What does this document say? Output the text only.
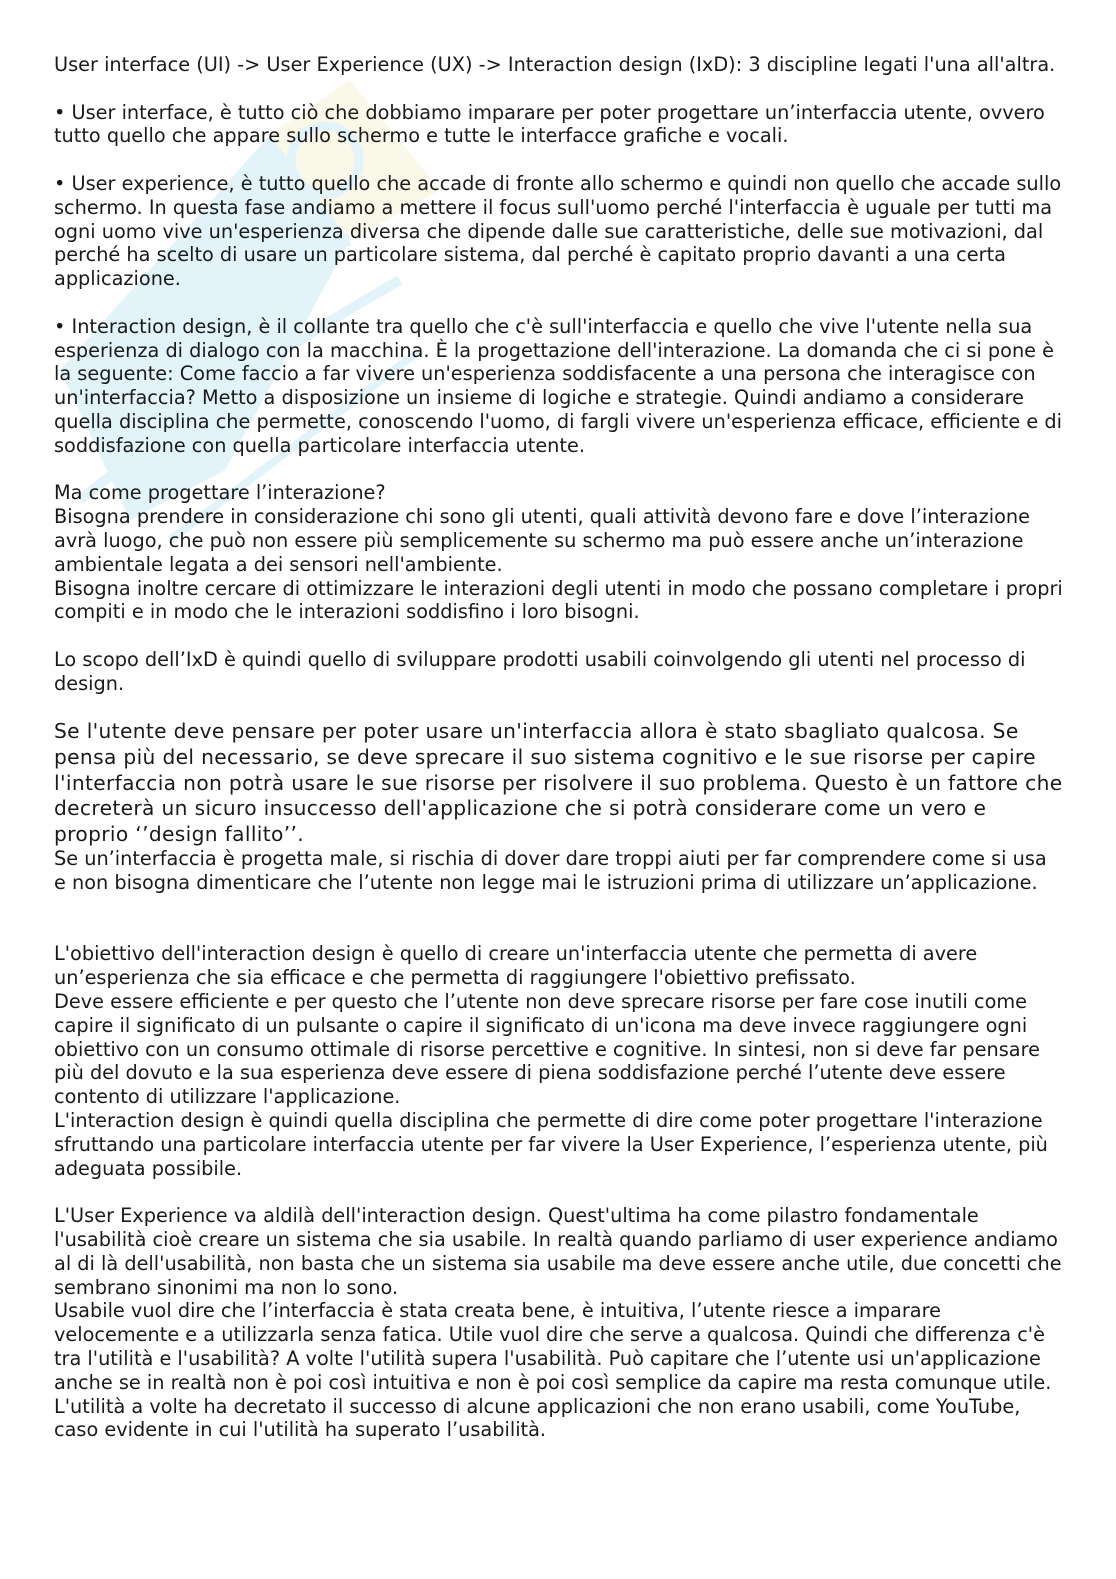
User interface (UI) -> User Experience (UX) -> Interaction design (IxD): 3 discipline legati l'una all'altra.

• User interface, è tutto ciò che dobbiamo imparare per poter progettare un’interfaccia utente, ovvero tutto quello che appare sullo schermo e tutte le interfacce grafiche e vocali.

• User experience, è tutto quello che accade di fronte allo schermo e quindi non quello che accade sullo schermo. In questa fase andiamo a mettere il focus sull'uomo perché l'interfaccia è uguale per tutti ma ogni uomo vive un'esperienza diversa che dipende dalle sue caratteristiche, delle sue motivazioni, dal perché ha scelto di usare un particolare sistema, dal perché è capitato proprio davanti a una certa applicazione.

• Interaction design, è il collante tra quello che c'è sull'interfaccia e quello che vive l'utente nella sua esperienza di dialogo con la macchina. È la progettazione dell'interazione. La domanda che ci si pone è la seguente: Come faccio a far vivere un'esperienza soddisfacente a una persona che interagisce con un'interfaccia? Metto a disposizione un insieme di logiche e strategie. Quindi andiamo a considerare quella disciplina che permette, conoscendo l'uomo, di fargli vivere un'esperienza efficace, efficiente e di soddisfazione con quella particolare interfaccia utente.

Ma come progettare l’interazione?

Bisogna prendere in considerazione chi sono gli utenti, quali attività devono fare e dove l’interazione avrà luogo, che può non essere più semplicemente su schermo ma può essere anche un’interazione ambientale legata a dei sensori nell'ambiente.

Bisogna inoltre cercare di ottimizzare le interazioni degli utenti in modo che possano completare i propri compiti e in modo che le interazioni soddisfino i loro bisogni.

Lo scopo dell’IxD è quindi quello di sviluppare prodotti usabili coinvolgendo gli utenti nel processo di design.

Se l'utente deve pensare per poter usare un'interfaccia allora è stato sbagliato qualcosa. Se pensa più del necessario, se deve sprecare il suo sistema cognitivo e le sue risorse per capire l'interfaccia non potrà usare le sue risorse per risolvere il suo problema. Questo è un fattore che decreterà un sicuro insuccesso dell'applicazione che si potrà considerare come un vero e proprio ‘’design fallito’’.

Se un’interfaccia è progetta male, si rischia di dover dare troppi aiuti per far comprendere come si usa e non bisogna dimenticare che l’utente non legge mai le istruzioni prima di utilizzare un’applicazione.

L'obiettivo dell'interaction design è quello di creare un'interfaccia utente che permetta di avere un’esperienza che sia efficace e che permetta di raggiungere l'obiettivo prefissato.

Deve essere efficiente e per questo che l’utente non deve sprecare risorse per fare cose inutili come capire il significato di un pulsante o capire il significato di un'icona ma deve invece raggiungere ogni obiettivo con un consumo ottimale di risorse percettive e cognitive. In sintesi, non si deve far pensare più del dovuto e la sua esperienza deve essere di piena soddisfazione perché l’utente deve essere contento di utilizzare l'applicazione.

L'interaction design è quindi quella disciplina che permette di dire come poter progettare l'interazione sfruttando una particolare interfaccia utente per far vivere la User Experience, l’esperienza utente, più adeguata possibile.

L'User Experience va aldilà dell'interaction design. Quest'ultima ha come pilastro fondamentale l'usabilità cioè creare un sistema che sia usabile. In realtà quando parliamo di user experience andiamo al di là dell'usabilità, non basta che un sistema sia usabile ma deve essere anche utile, due concetti che sembrano sinonimi ma non lo sono.

Usabile vuol dire che l’interfaccia è stata creata bene, è intuitiva, l’utente riesce a imparare velocemente e a utilizzarla senza fatica. Utile vuol dire che serve a qualcosa. Quindi che differenza c'è tra l'utilità e l'usabilità? A volte l'utilità supera l'usabilità. Può capitare che l’utente usi un'applicazione anche se in realtà non è poi così intuitiva e non è poi così semplice da capire ma resta comunque utile.

L'utilità a volte ha decretato il successo di alcune applicazioni che non erano usabili, come YouTube, caso evidente in cui l'utilità ha superato l’usabilità.
